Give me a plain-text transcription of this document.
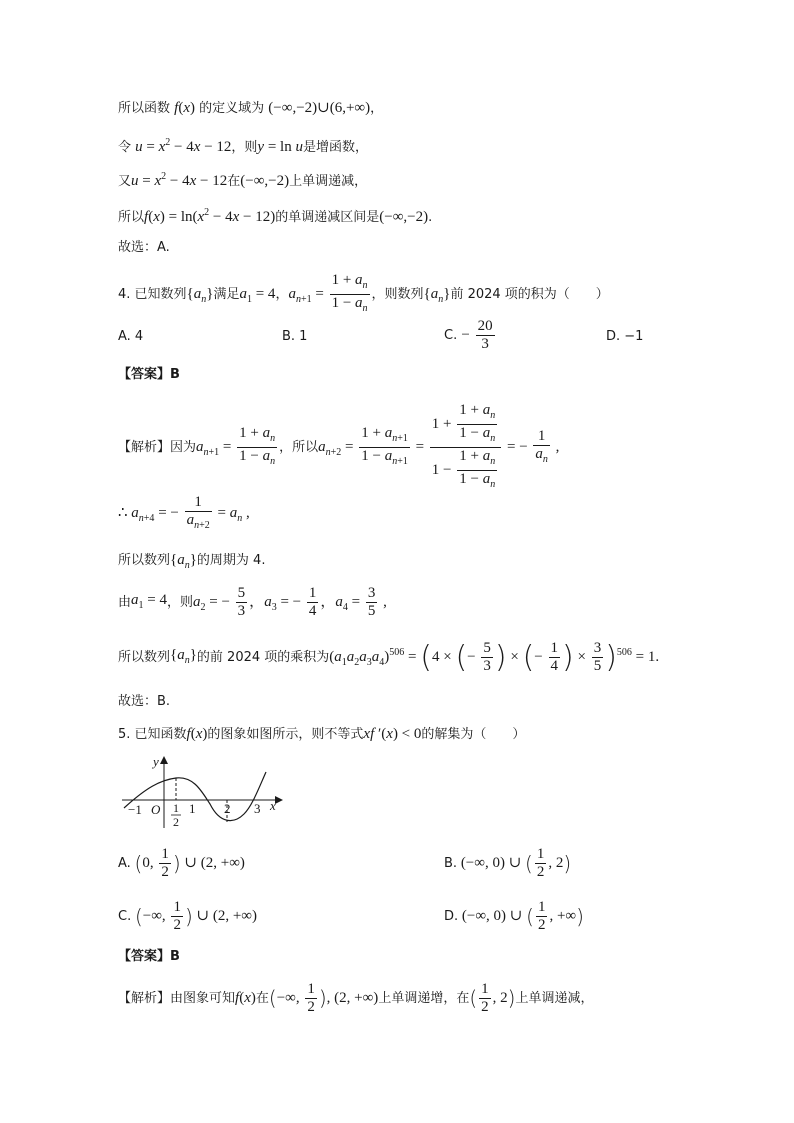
所以函数 f(x) 的定义域为 (−∞,−2)∪(6,+∞)，
令 $u = x^2 - 4x - 12$，则y = ln u是增函数，
又$u = x^2 - 4x - 12$在(−∞,−2)上单调递减，
所以$f(x) = \ln(x^2 - 4x - 12)$的单调递减区间是(−∞,−2).
故选：A.
4. 已知数列$\{a_n\}$满足$a_1 = 4$，$a_{n+1} = \frac{1 + a_n}{1 - a_n}$ ，则数列$\{a_n\}$前 2024 项的积为（　　）
A. 4	B. 1	C. − $\frac{20}{3}$	D. −1
【答案】B
【解析】因为$a_{n+1} = \frac{1 + a_n}{1 - a_n}$ ，所以$a_{n+2} = \frac{1 + a_{n+1}}{1 - a_{n+1}} = \frac{1 + \frac{1 + a_n}{1 - a_n}}{1 - \frac{1 + a_n}{1 - a_n}}$ = − $\frac{1}{a_n}$ ,
∴ $a_{n+4}$ = − $\frac{1}{a_{n+2}} = a_n$ ,
所以数列$\{a_n\}$的周期为 4.
由$a_1 = 4$，则$a_2$ = − $\frac{5}{3}$ ，$a_3$ = − $\frac{1}{4}$ ，$a_4 = \frac{3}{5}$ ,
所以数列$\{a_n\}$的前 2024 项的乘积为$(a_1a_2a_3a_4)^{506} = (4$ × (− $\frac{5}{3}$ ) × (− $\frac{1}{4}$ ) × $\frac{3}{5} )^{506} = 1$.
故选：B.
5. 已知函数f(x)的图象如图所示，则不等式xf ′(x) < 0的解集为（　　）
y
x
−1 O 1
2
1 2 3
A. (0, $\frac{1}{2}$ ) ∪ (2, +∞)	B. (−∞, 0) ∪ ( $\frac{1}{2}$ , 2)
C. (−∞, $\frac{1}{2}$ ) ∪ (2, +∞)	D. (−∞, 0) ∪ ( $\frac{1}{2}$ , +∞)
【答案】B
【解析】由图象可知f(x)在(−∞, $\frac{1}{2}$ ), (2, +∞)上单调递增，在( $\frac{1}{2}$ , 2)上单调递减，
